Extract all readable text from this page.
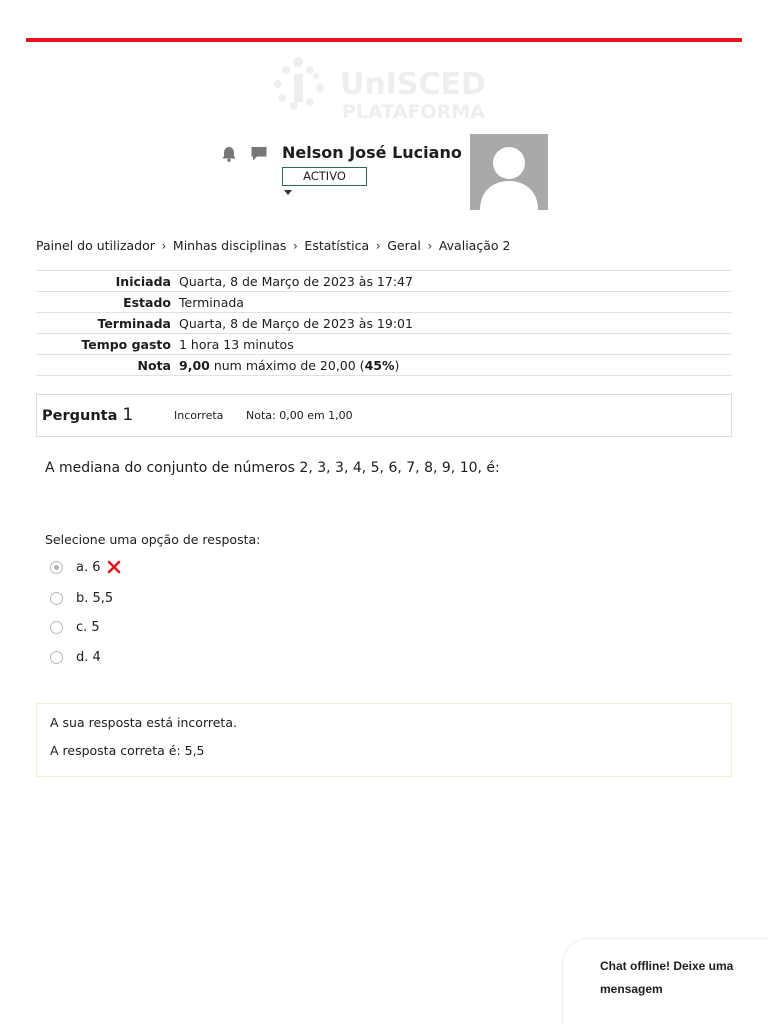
UnISCED
PLATAFORMA
Nelson José Luciano
ACTIVO
Painel do utilizador › Minhas disciplinas › Estatística › Geral › Avaliação 2
Iniciada	Quarta, 8 de Março de 2023 às 17:47
Estado	Terminada
Terminada	Quarta, 8 de Março de 2023 às 19:01
Tempo gasto	1 hora 13 minutos
Nota	9,00 num máximo de 20,00 (45%)
Pergunta 1	Incorreta Nota: 0,00 em 1,00
A mediana do conjunto de números 2, 3, 3, 4, 5, 6, 7, 8, 9, 10, é:
Selecione uma opção de resposta:
a. 6
b. 5,5
c. 5
d. 4
A sua resposta está incorreta.
A resposta correta é: 5,5
Chat offline! Deixe uma
mensagem
